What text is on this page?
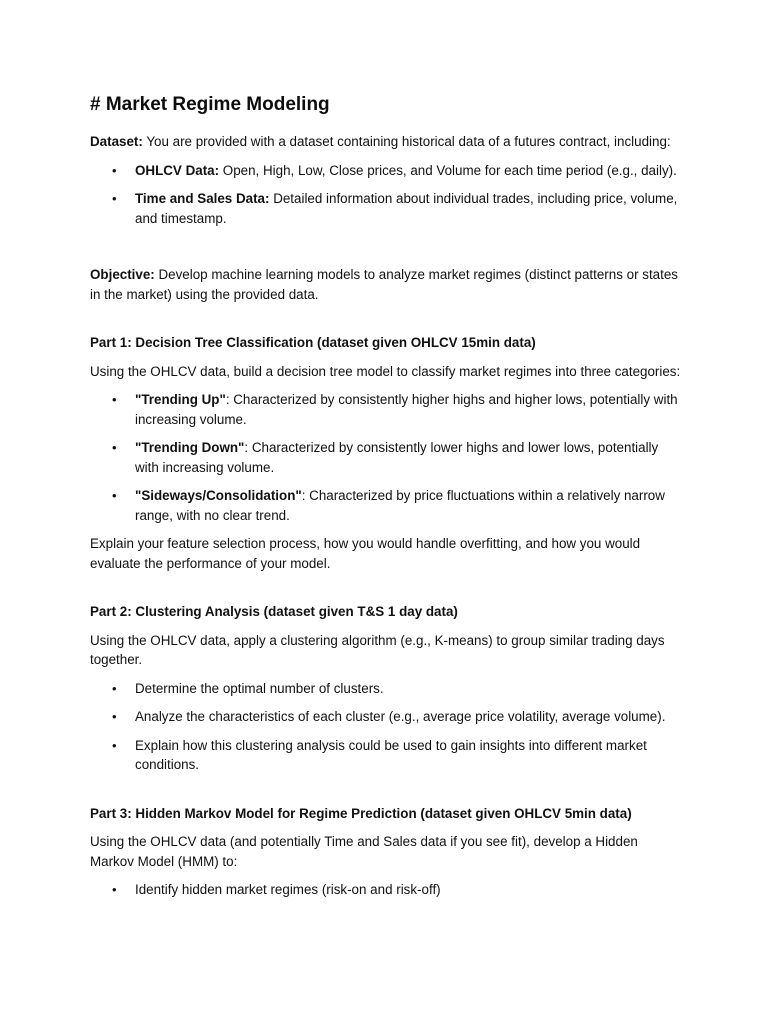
# Market Regime Modeling

Dataset: You are provided with a dataset containing historical data of a futures contract, including:

• OHLCV Data: Open, High, Low, Close prices, and Volume for each time period (e.g., daily).
• Time and Sales Data: Detailed information about individual trades, including price, volume, and timestamp.

Objective: Develop machine learning models to analyze market regimes (distinct patterns or states in the market) using the provided data.

Part 1: Decision Tree Classification (dataset given OHLCV 15min data)

Using the OHLCV data, build a decision tree model to classify market regimes into three categories:

• "Trending Up": Characterized by consistently higher highs and higher lows, potentially with increasing volume.
• "Trending Down": Characterized by consistently lower highs and lower lows, potentially with increasing volume.
• "Sideways/Consolidation": Characterized by price fluctuations within a relatively narrow range, with no clear trend.

Explain your feature selection process, how you would handle overfitting, and how you would evaluate the performance of your model.

Part 2: Clustering Analysis (dataset given T&S 1 day data)

Using the OHLCV data, apply a clustering algorithm (e.g., K-means) to group similar trading days together.

• Determine the optimal number of clusters.
• Analyze the characteristics of each cluster (e.g., average price volatility, average volume).
• Explain how this clustering analysis could be used to gain insights into different market conditions.

Part 3: Hidden Markov Model for Regime Prediction (dataset given OHLCV 5min data)

Using the OHLCV data (and potentially Time and Sales data if you see fit), develop a Hidden Markov Model (HMM) to:

• Identify hidden market regimes (risk-on and risk-off)
